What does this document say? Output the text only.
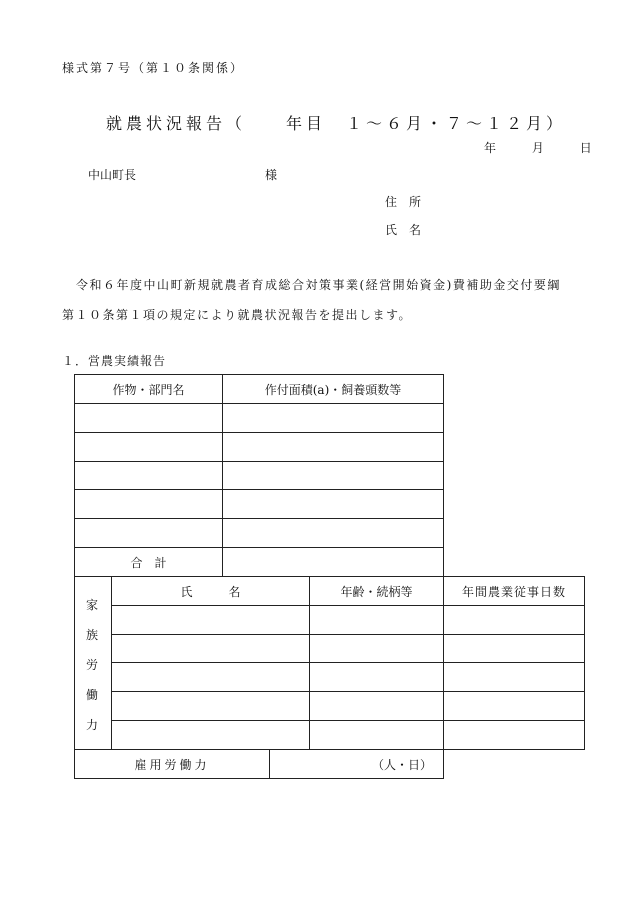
様式第７号（第１０条関係）
就農状況報告（　　年目　１～６月・７～１２月）
年	月	日
中山町長	様
住所
氏名
令和６年度中山町新規就農者育成総合対策事業(経営開始資金)費補助金交付要綱
第１０条第１項の規定により就農状況報告を提出します。
１．営農実績報告
作物・部門名	作付面積(a)・飼養頭数等
合　計
家
族
労
働
力
氏　　　名	年齢・続柄等	年間農業従事日数
雇用労働力	（人・日）
